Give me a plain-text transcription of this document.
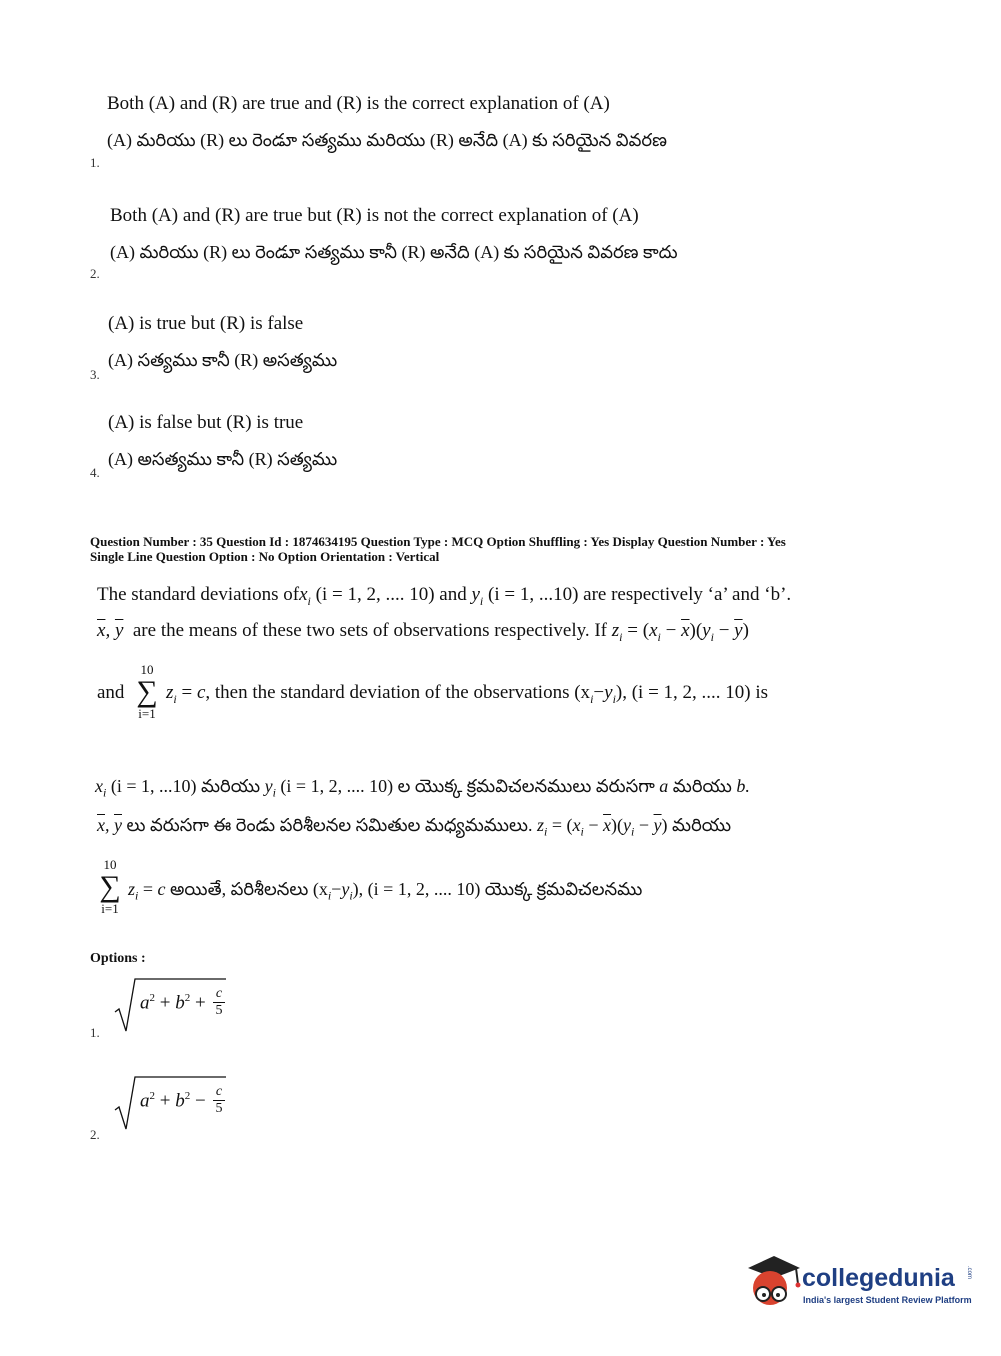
Both (A) and (R) are true and (R) is the correct explanation of (A)
(A) మరియు (R) లు రెండూ సత్యము మరియు (R) అనేది (A) కు సరియైన వివరణ
1.
Both (A) and (R) are true but (R) is not the correct explanation of (A)
(A) మరియు (R) లు రెండూ సత్యము కానీ (R) అనేది (A) కు సరియైన వివరణ కాదు
2.
(A) is true but (R) is false
(A) సత్యము కానీ (R) అసత్యము
3.
(A) is false but (R) is true
(A) అసత్యము కానీ (R) సత్యము
4.
Question Number : 35 Question Id : 1874634195 Question Type : MCQ Option Shuffling : Yes Display Question Number : Yes
Single Line Question Option : No Option Orientation : Vertical
The standard deviations ofx$_i$ (i = 1, 2, .... 10) and $y_i$ (i = 1, ...10) are respectively ‘a’ and ‘b’.
$\overline{x}$, $\overline{y}$ are the means of these two sets of observations respectively. If $z_i = (x_i - \overline{x})(y_i - \overline{y})$
and
10
∑
i=1
$z_i = c$, then the standard deviation of the observations $(x_i-y_i)$, (i = 1, 2, .... 10) is
$x_i$ (i = 1, ...10) మరియు $y_i$ (i = 1, 2, .... 10) ల యొక్క క్రమవిచలనములు వరుసగా a మరియు b.
$\overline{x}$, $\overline{y}$ లు వరుసగా ఈ రెండు పరిశీలనల సమితుల మధ్యమములు. $z_i = (x_i - \overline{x})(y_i - \overline{y})$ మరియు
10
∑
i=1
$z_i = c$ అయితే, పరిశీలనలు $(x_i-y_i)$, (i = 1, 2, .... 10) యొక్క క్రమవిచలనము
Options :
$a^2 + b^2 + c$
5
1.
$a^2 + b^2 - c$
5
2.
collegedunia .com
India's largest Student Review Platform
